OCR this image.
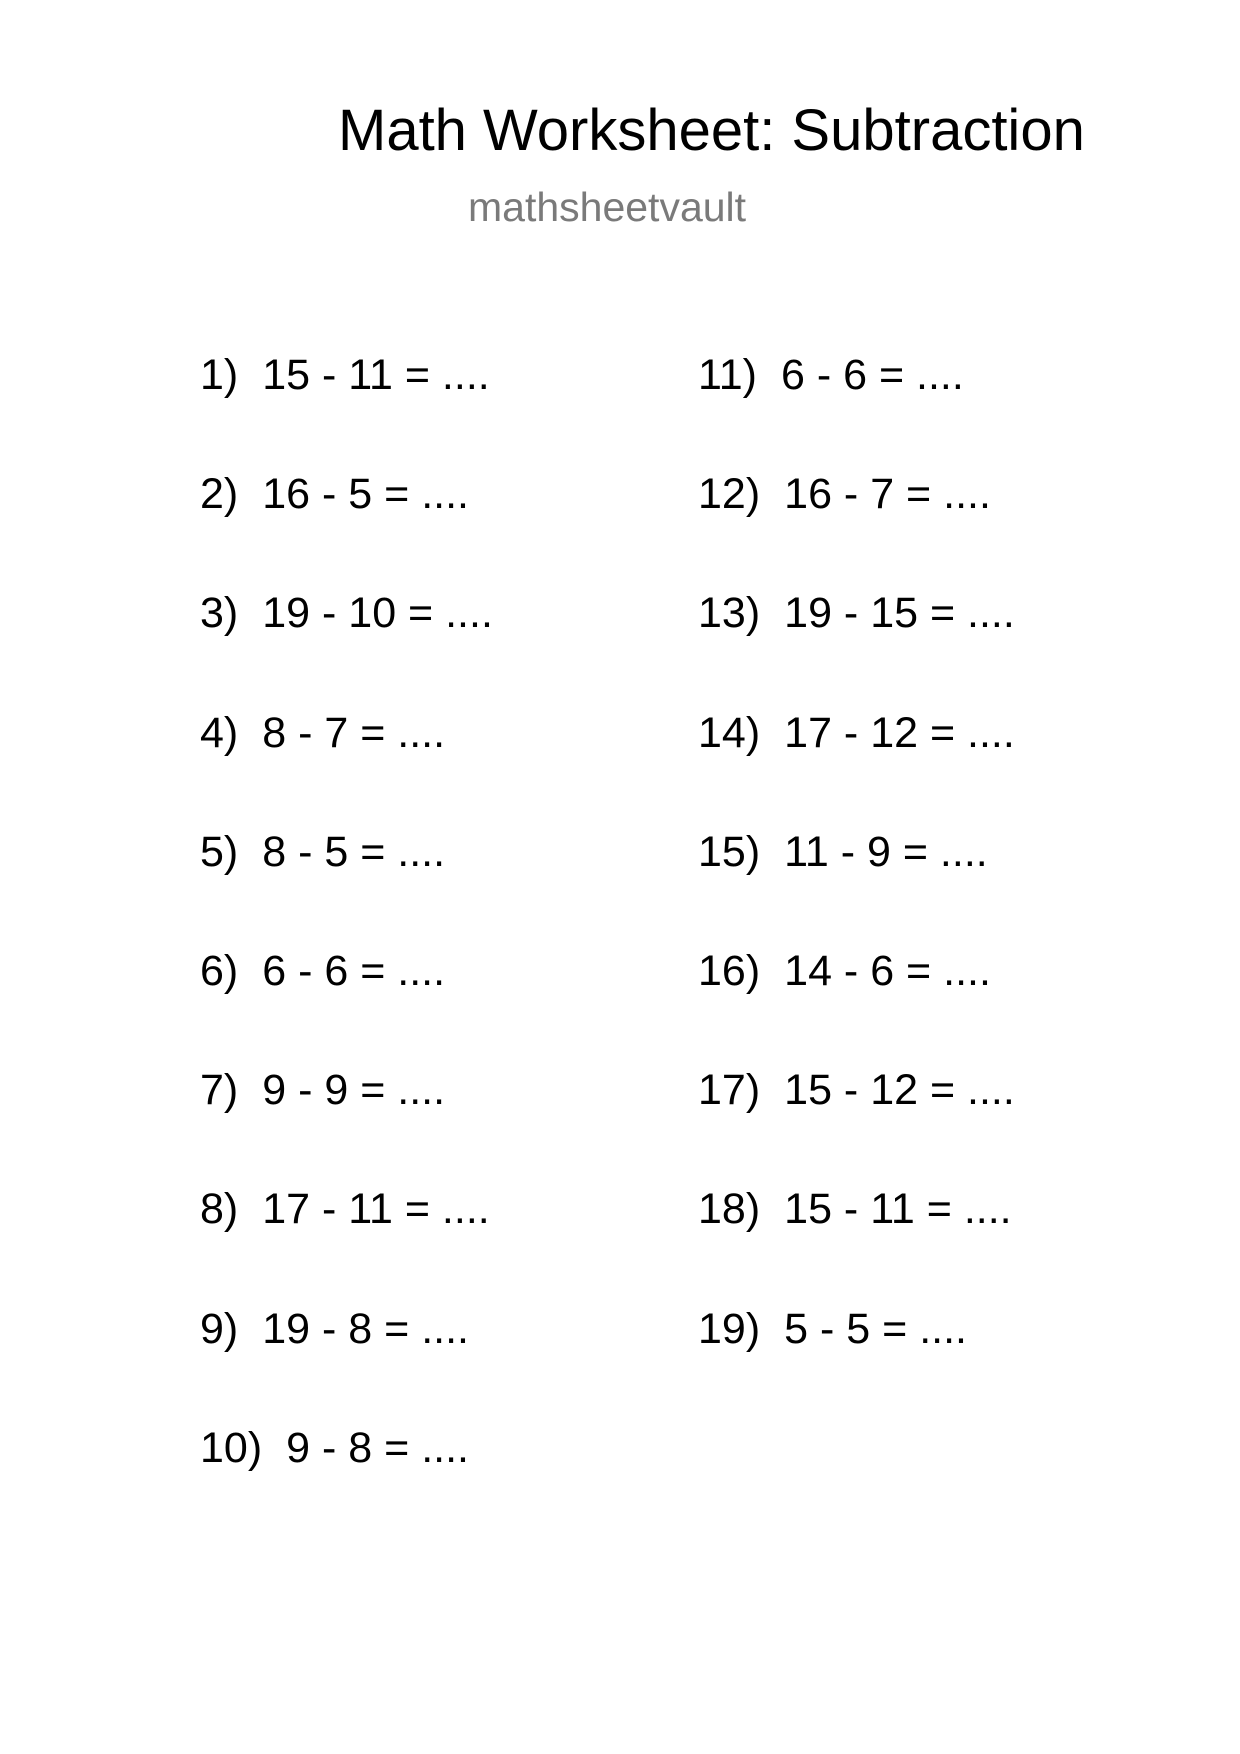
Math Worksheet: Subtraction
mathsheetvault
1) 15 - 11 = ....
2) 16 - 5 = ....
3) 19 - 10 = ....
4) 8 - 7 = ....
5) 8 - 5 = ....
6) 6 - 6 = ....
7) 9 - 9 = ....
8) 17 - 11 = ....
9) 19 - 8 = ....
10) 9 - 8 = ....
11) 6 - 6 = ....
12) 16 - 7 = ....
13) 19 - 15 = ....
14) 17 - 12 = ....
15) 11 - 9 = ....
16) 14 - 6 = ....
17) 15 - 12 = ....
18) 15 - 11 = ....
19) 5 - 5 = ....
